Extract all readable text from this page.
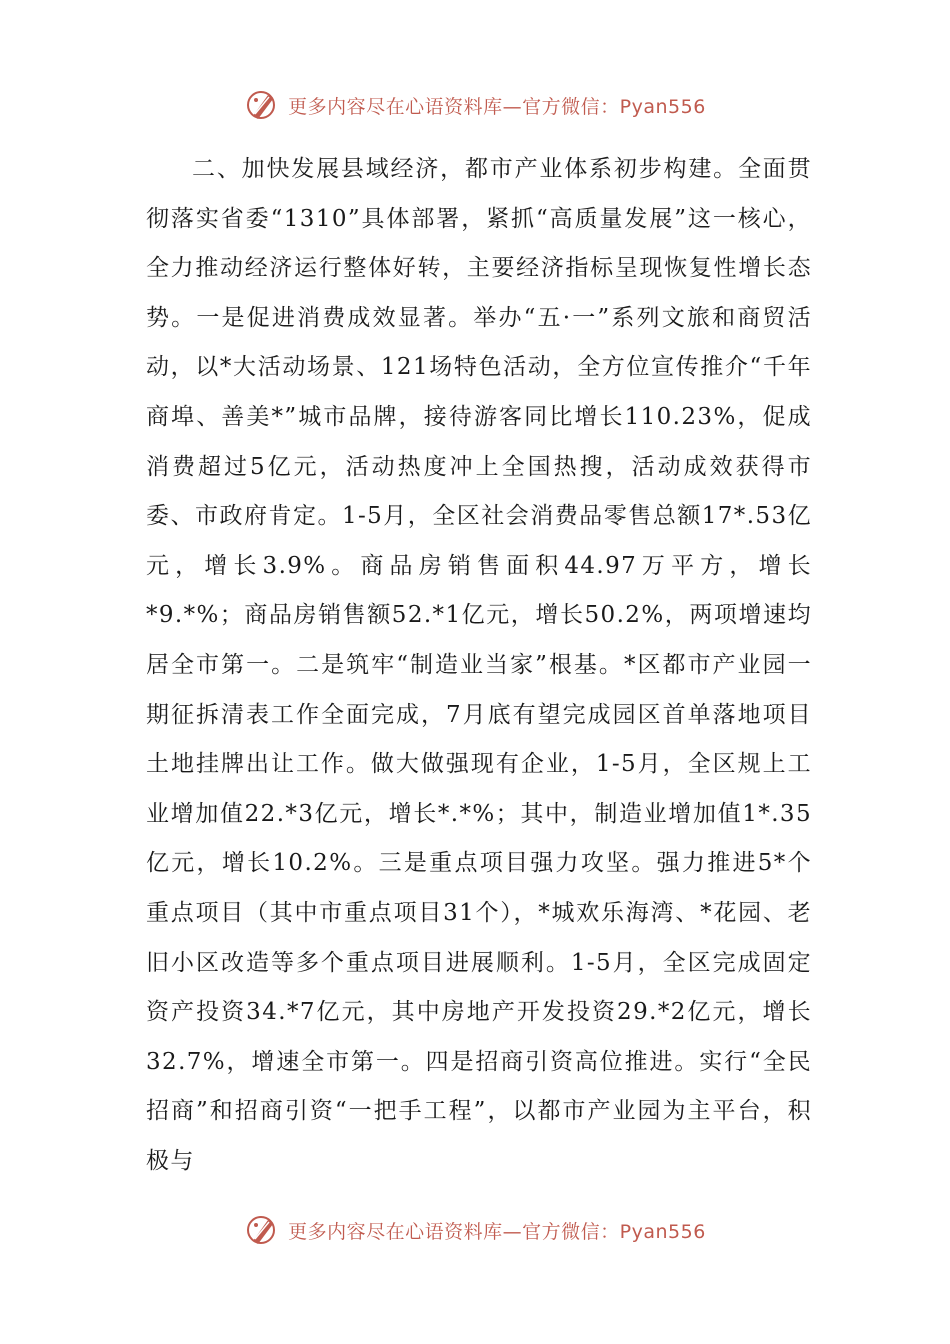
更多内容尽在心语资料库—官方微信：Pyan556

二、加快发展县域经济，都市产业体系初步构建。全面贯彻落实省委“1310”具体部署，紧抓“高质量发展”这一核心，全力推动经济运行整体好转，主要经济指标呈现恢复性增长态势。一是促进消费成效显著。举办“五·一”系列文旅和商贸活动，以*大活动场景、121场特色活动，全方位宣传推介“千年商埠、善美*”城市品牌，接待游客同比增长110.23%，促成消费超过5亿元，活动热度冲上全国热搜，活动成效获得市委、市政府肯定。1-5月，全区社会消费品零售总额17*.53亿元，增长3.9%。商品房销售面积44.97万平方，增长*9.*%；商品房销售额52.*1亿元，增长50.2%，两项增速均居全市第一。二是筑牢“制造业当家”根基。*区都市产业园一期征拆清表工作全面完成，7月底有望完成园区首单落地项目土地挂牌出让工作。做大做强现有企业，1-5月，全区规上工业增加值22.*3亿元，增长*.*%；其中，制造业增加值1*.35亿元，增长10.2%。三是重点项目强力攻坚。强力推进5*个重点项目（其中市重点项目31个），*城欢乐海湾、*花园、老旧小区改造等多个重点项目进展顺利。1-5月，全区完成固定资产投资34.*7亿元，其中房地产开发投资29.*2亿元，增长32.7%，增速全市第一。四是招商引资高位推进。实行“全民招商”和招商引资“一把手工程”，以都市产业园为主平台，积极与

更多内容尽在心语资料库—官方微信：Pyan556
